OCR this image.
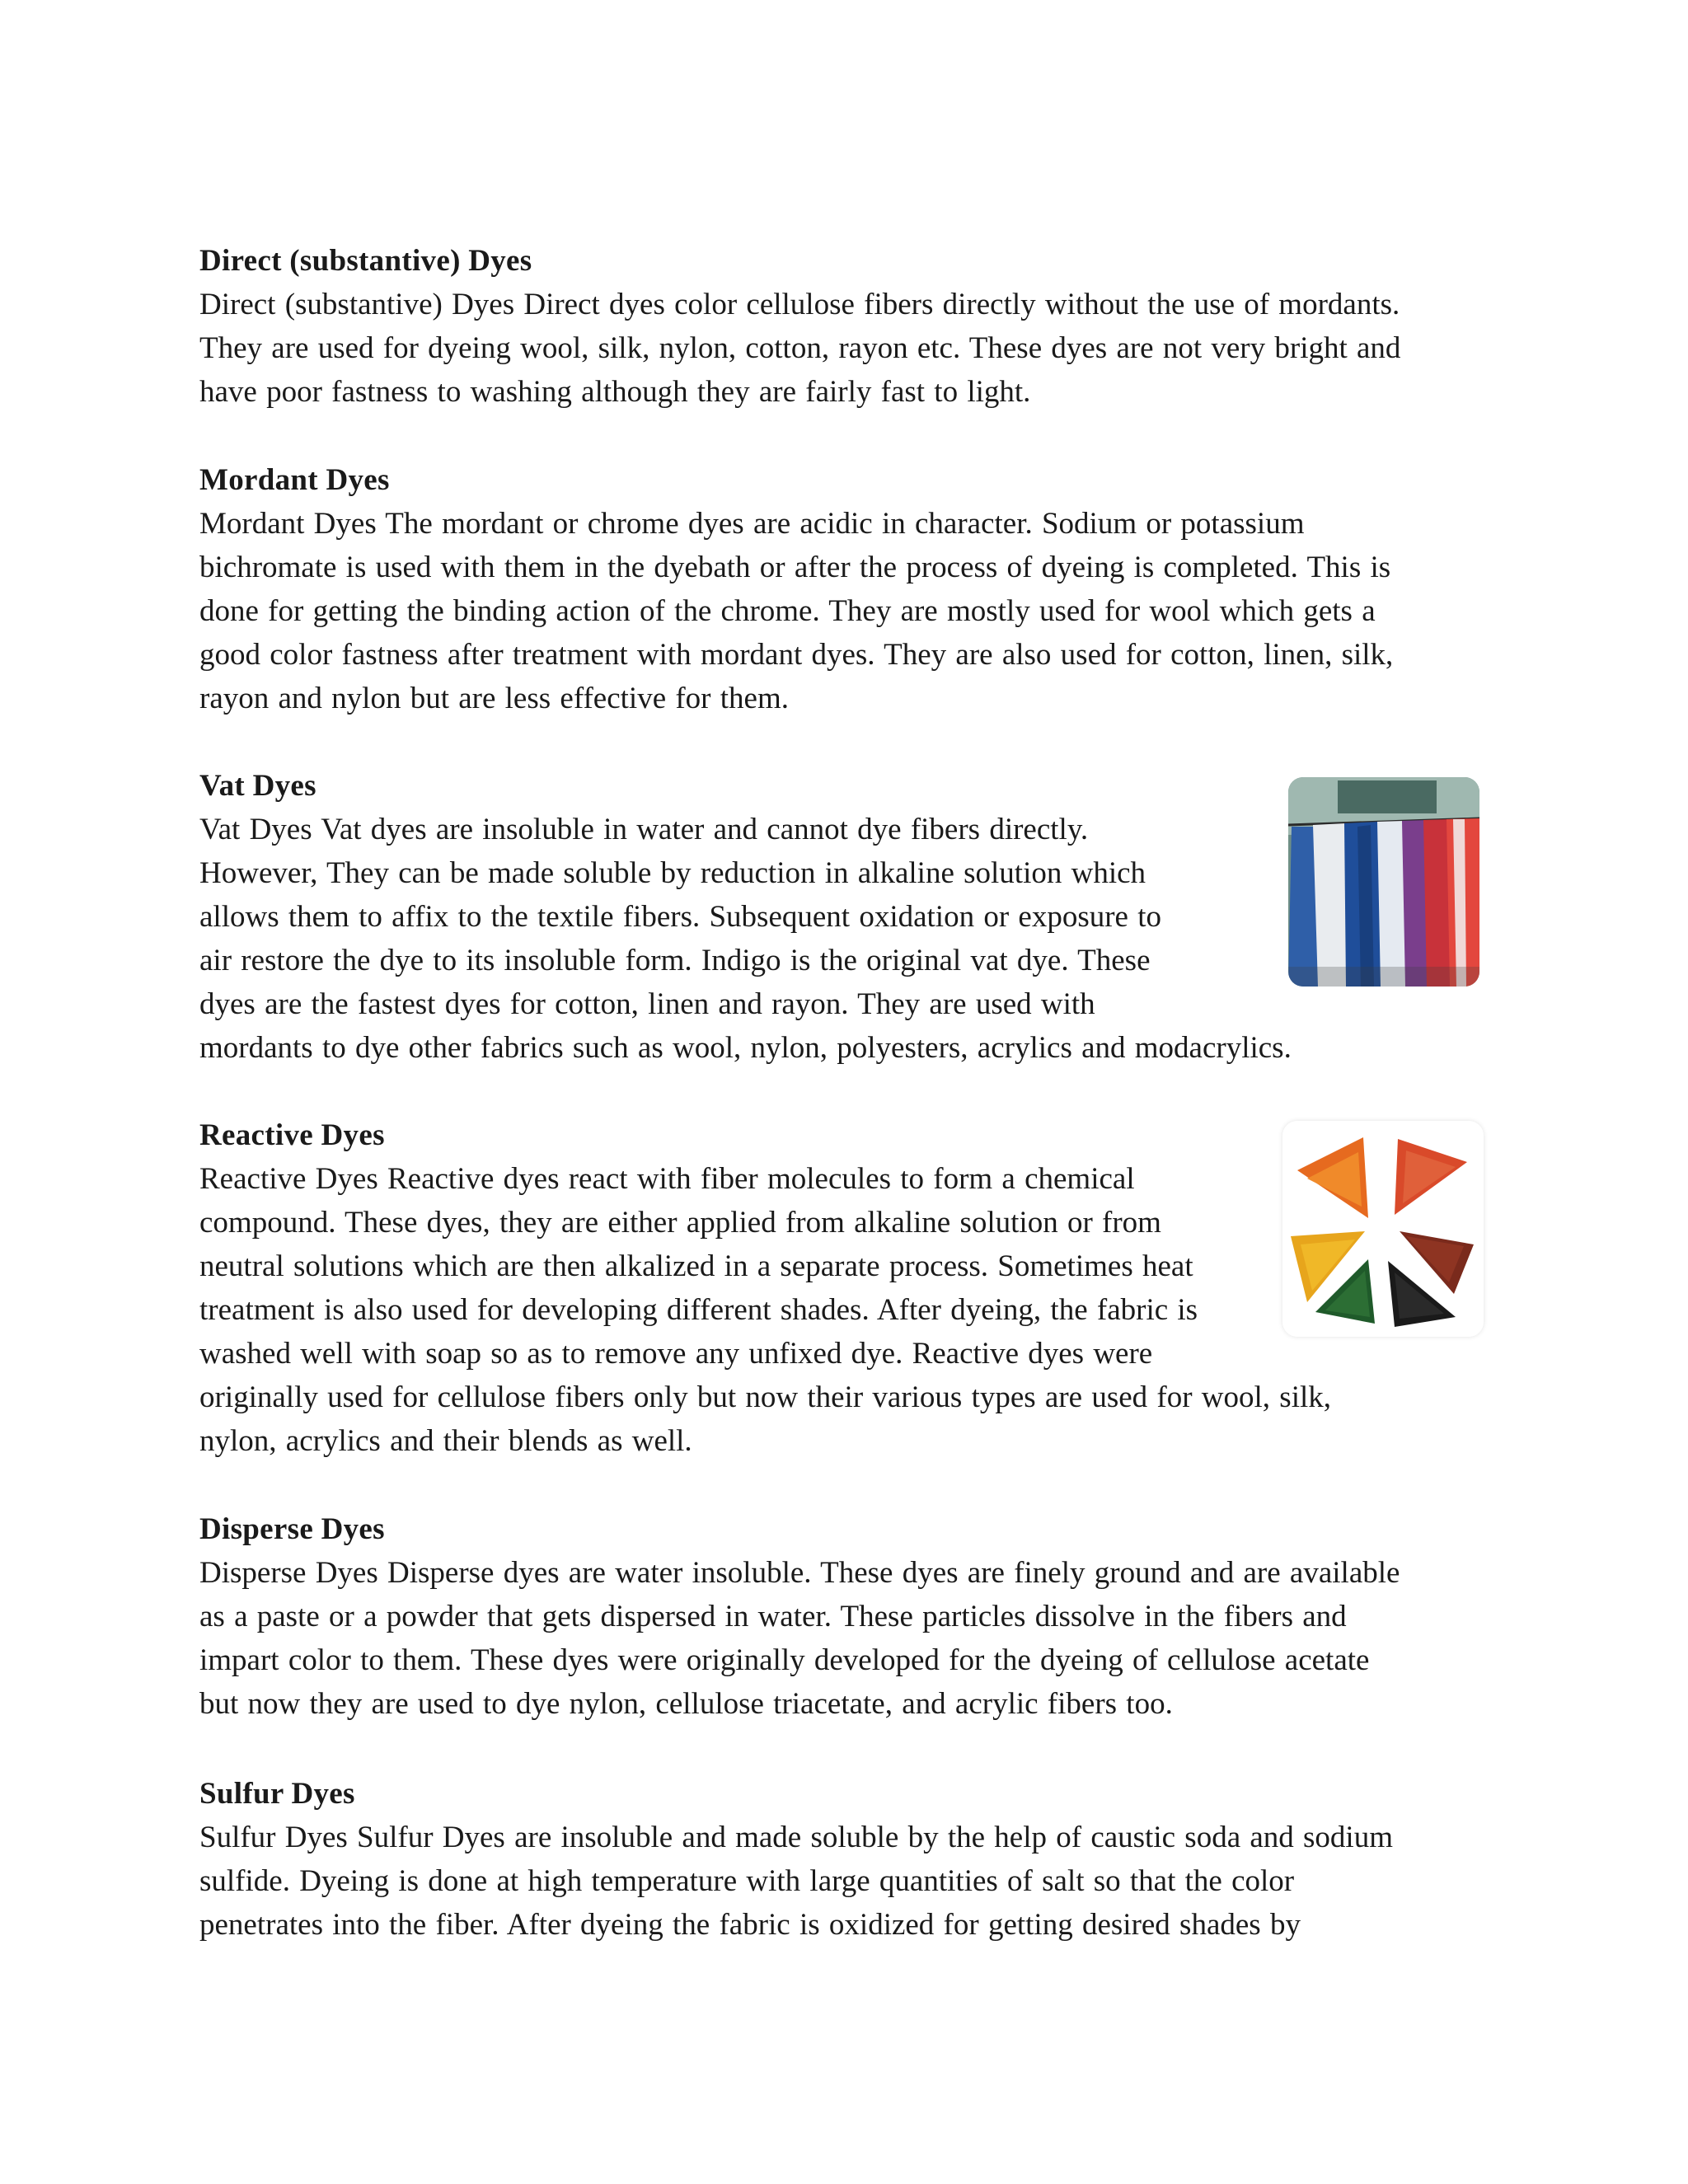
Direct (substantive) Dyes

Direct (substantive) Dyes Direct dyes color cellulose fibers directly without the use of mordants.
They are used for dyeing wool, silk, nylon, cotton, rayon etc. These dyes are not very bright and
have poor fastness to washing although they are fairly fast to light.

Mordant Dyes

Mordant Dyes The mordant or chrome dyes are acidic in character. Sodium or potassium
bichromate is used with them in the dyebath or after the process of dyeing is completed. This is
done for getting the binding action of the chrome. They are mostly used for wool which gets a
good color fastness after treatment with mordant dyes. They are also used for cotton, linen, silk,
rayon and nylon but are less effective for them.

Vat Dyes

Vat Dyes Vat dyes are insoluble in water and cannot dye fibers directly.
However, They can be made soluble by reduction in alkaline solution which
allows them to affix to the textile fibers. Subsequent oxidation or exposure to
air restore the dye to its insoluble form. Indigo is the original vat dye. These
dyes are the fastest dyes for cotton, linen and rayon. They are used with
mordants to dye other fabrics such as wool, nylon, polyesters, acrylics and modacrylics.

Reactive Dyes

Reactive Dyes Reactive dyes react with fiber molecules to form a chemical
compound. These dyes, they are either applied from alkaline solution or from
neutral solutions which are then alkalized in a separate process. Sometimes heat
treatment is also used for developing different shades. After dyeing, the fabric is
washed well with soap so as to remove any unfixed dye. Reactive dyes were
originally used for cellulose fibers only but now their various types are used for wool, silk,
nylon, acrylics and their blends as well.

Disperse Dyes

Disperse Dyes Disperse dyes are water insoluble. These dyes are finely ground and are available
as a paste or a powder that gets dispersed in water. These particles dissolve in the fibers and
impart color to them. These dyes were originally developed for the dyeing of cellulose acetate
but now they are used to dye nylon, cellulose triacetate, and acrylic fibers too.

Sulfur Dyes

Sulfur Dyes Sulfur Dyes are insoluble and made soluble by the help of caustic soda and sodium
sulfide. Dyeing is done at high temperature with large quantities of salt so that the color
penetrates into the fiber. After dyeing the fabric is oxidized for getting desired shades by
